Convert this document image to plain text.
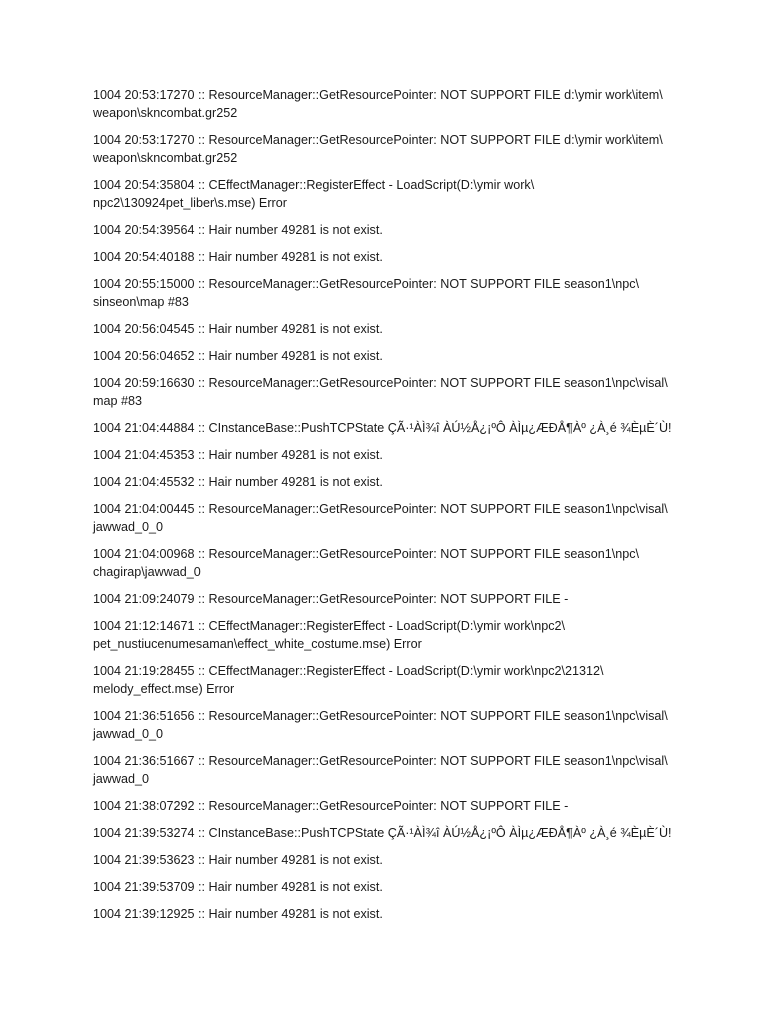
1004 20:53:17270 :: ResourceManager::GetResourcePointer: NOT SUPPORT FILE d:\ymir work\item\
weapon\skncombat.gr252

1004 20:53:17270 :: ResourceManager::GetResourcePointer: NOT SUPPORT FILE d:\ymir work\item\
weapon\skncombat.gr252

1004 20:54:35804 :: CEffectManager::RegisterEffect - LoadScript(D:\ymir work\
npc2\130924pet_liber\s.mse) Error

1004 20:54:39564 :: Hair number 49281 is not exist.

1004 20:54:40188 :: Hair number 49281 is not exist.

1004 20:55:15000 :: ResourceManager::GetResourcePointer: NOT SUPPORT FILE season1\npc\
sinseon\map #83

1004 20:56:04545 :: Hair number 49281 is not exist.

1004 20:56:04652 :: Hair number 49281 is not exist.

1004 20:59:16630 :: ResourceManager::GetResourcePointer: NOT SUPPORT FILE season1\npc\visal\
map #83

1004 21:04:44884 :: CInstanceBase::PushTCPState ÇÃ·¹ÀÌ¾î ÀÚ½Å¿¡ºÔ ÀÌµ¿ÆÐÅ¶Àº ¿À¸é ¾ÈµÈ´Ù!

1004 21:04:45353 :: Hair number 49281 is not exist.

1004 21:04:45532 :: Hair number 49281 is not exist.

1004 21:04:00445 :: ResourceManager::GetResourcePointer: NOT SUPPORT FILE season1\npc\visal\
jawwad_0_0

1004 21:04:00968 :: ResourceManager::GetResourcePointer: NOT SUPPORT FILE season1\npc\
chagirap\jawwad_0

1004 21:09:24079 :: ResourceManager::GetResourcePointer: NOT SUPPORT FILE -

1004 21:12:14671 :: CEffectManager::RegisterEffect - LoadScript(D:\ymir work\npc2\
pet_nustiucenumesaman\effect_white_costume.mse) Error

1004 21:19:28455 :: CEffectManager::RegisterEffect - LoadScript(D:\ymir work\npc2\21312\
melody_effect.mse) Error

1004 21:36:51656 :: ResourceManager::GetResourcePointer: NOT SUPPORT FILE season1\npc\visal\
jawwad_0_0

1004 21:36:51667 :: ResourceManager::GetResourcePointer: NOT SUPPORT FILE season1\npc\visal\
jawwad_0

1004 21:38:07292 :: ResourceManager::GetResourcePointer: NOT SUPPORT FILE -

1004 21:39:53274 :: CInstanceBase::PushTCPState ÇÃ·¹ÀÌ¾î ÀÚ½Å¿¡ºÔ ÀÌµ¿ÆÐÅ¶Àº ¿À¸é ¾ÈµÈ´Ù!

1004 21:39:53623 :: Hair number 49281 is not exist.

1004 21:39:53709 :: Hair number 49281 is not exist.

1004 21:39:12925 :: Hair number 49281 is not exist.
